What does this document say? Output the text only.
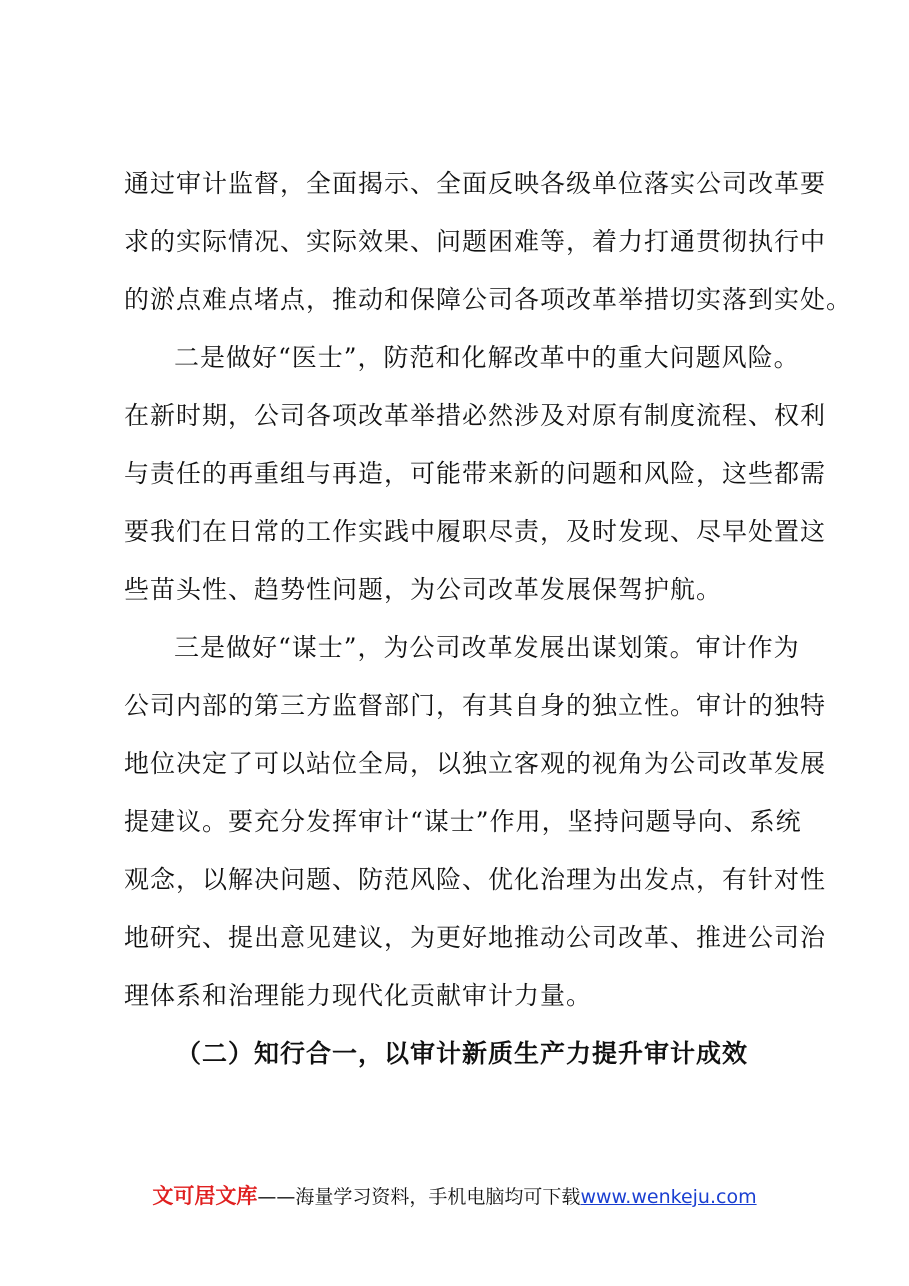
通过审计监督，全面揭示、全面反映各级单位落实公司改革要
求的实际情况、实际效果、问题困难等，着力打通贯彻执行中
的淤点难点堵点，推动和保障公司各项改革举措切实落到实处。
二是做好“医士”，防范和化解改革中的重大问题风险。
在新时期，公司各项改革举措必然涉及对原有制度流程、权利
与责任的再重组与再造，可能带来新的问题和风险，这些都需
要我们在日常的工作实践中履职尽责，及时发现、尽早处置这
些苗头性、趋势性问题，为公司改革发展保驾护航。
三是做好“谋士”，为公司改革发展出谋划策。审计作为
公司内部的第三方监督部门，有其自身的独立性。审计的独特
地位决定了可以站位全局，以独立客观的视角为公司改革发展
提建议。要充分发挥审计“谋士”作用，坚持问题导向、系统
观念，以解决问题、防范风险、优化治理为出发点，有针对性
地研究、提出意见建议，为更好地推动公司改革、推进公司治
理体系和治理能力现代化贡献审计力量。
（二）知行合一，以审计新质生产力提升审计成效
文可居文库——海量学习资料，手机电脑均可下载www.wenkeju.com
